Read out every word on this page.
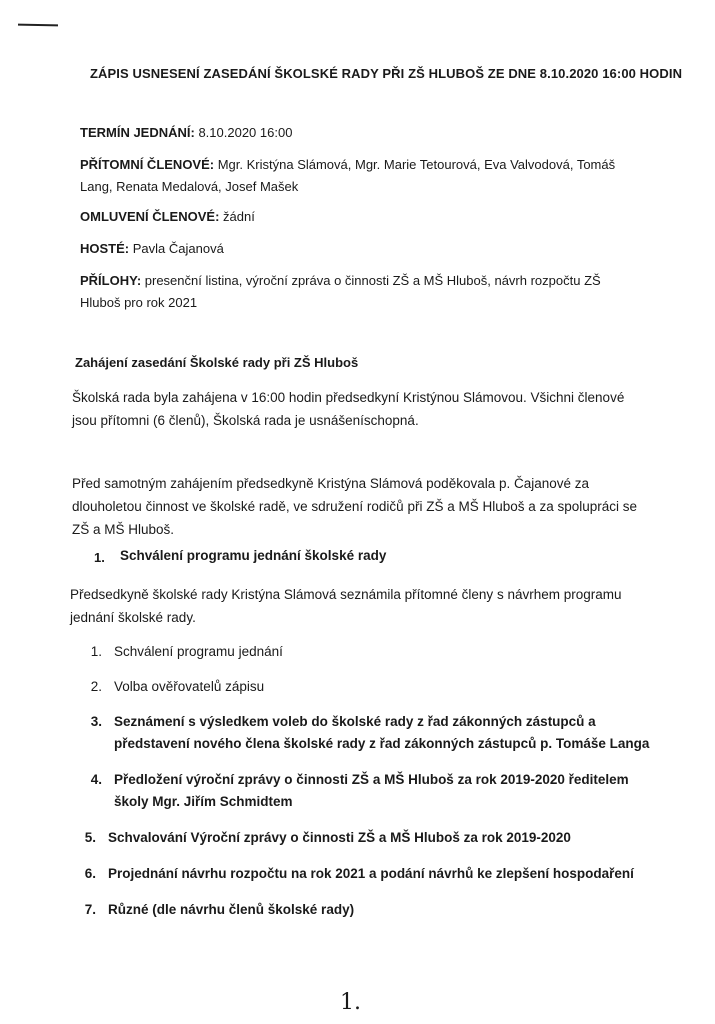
ZÁPIS USNESENÍ ZASEDÁNÍ ŠKOLSKÉ RADY PŘI ZŠ HLUBOŠ ZE DNE 8.10.2020 16:00 HODIN
TERMÍN JEDNÁNÍ: 8.10.2020 16:00
PŘÍTOMNÍ ČLENOVÉ: Mgr. Kristýna Slámová, Mgr. Marie Tetourová, Eva Valvodová, Tomáš Lang, Renata Medalová, Josef Mašek
OMLUVENÍ ČLENOVÉ: žádní
HOSTÉ: Pavla Čajanová
PŘÍLOHY: presenční listina, výroční zpráva o činnosti ZŠ a MŠ Hluboš, návrh rozpočtu ZŠ Hluboš pro rok 2021
Zahájení zasedání Školské rady při ZŠ Hluboš
Školská rada byla zahájena v 16:00 hodin předsedkyní Kristýnou Slámovou. Všichni členové jsou přítomni (6 členů), Školská rada je usnášeníschopná.
Před samotným zahájením předsedkyně Kristýna Slámová poděkovala p. Čajanové za dlouholetou činnost ve školské radě, ve sdružení rodičů při ZŠ a MŠ Hluboš a za spolupráci se ZŠ a MŠ Hluboš.
1. Schválení programu jednání školské rady
Předsedkyně školské rady Kristýna Slámová seznámila přítomné členy s návrhem programu jednání školské rady.
1. Schválení programu jednání
2. Volba ověřovatelů zápisu
3. Seznámení s výsledkem voleb do školské rady z řad zákonných zástupců a představení nového člena školské rady z řad zákonných zástupců p. Tomáše Langa
4. Předložení výroční zprávy o činnosti ZŠ a MŠ Hluboš za rok 2019-2020 ředitelem školy Mgr. Jiřím Schmidtem
5. Schvalování Výroční zprávy o činnosti ZŠ a MŠ Hluboš za rok 2019-2020
6. Projednání návrhu rozpočtu na rok 2021 a podání návrhů ke zlepšení hospodaření
7. Různé (dle návrhu členů školské rady)
1.
